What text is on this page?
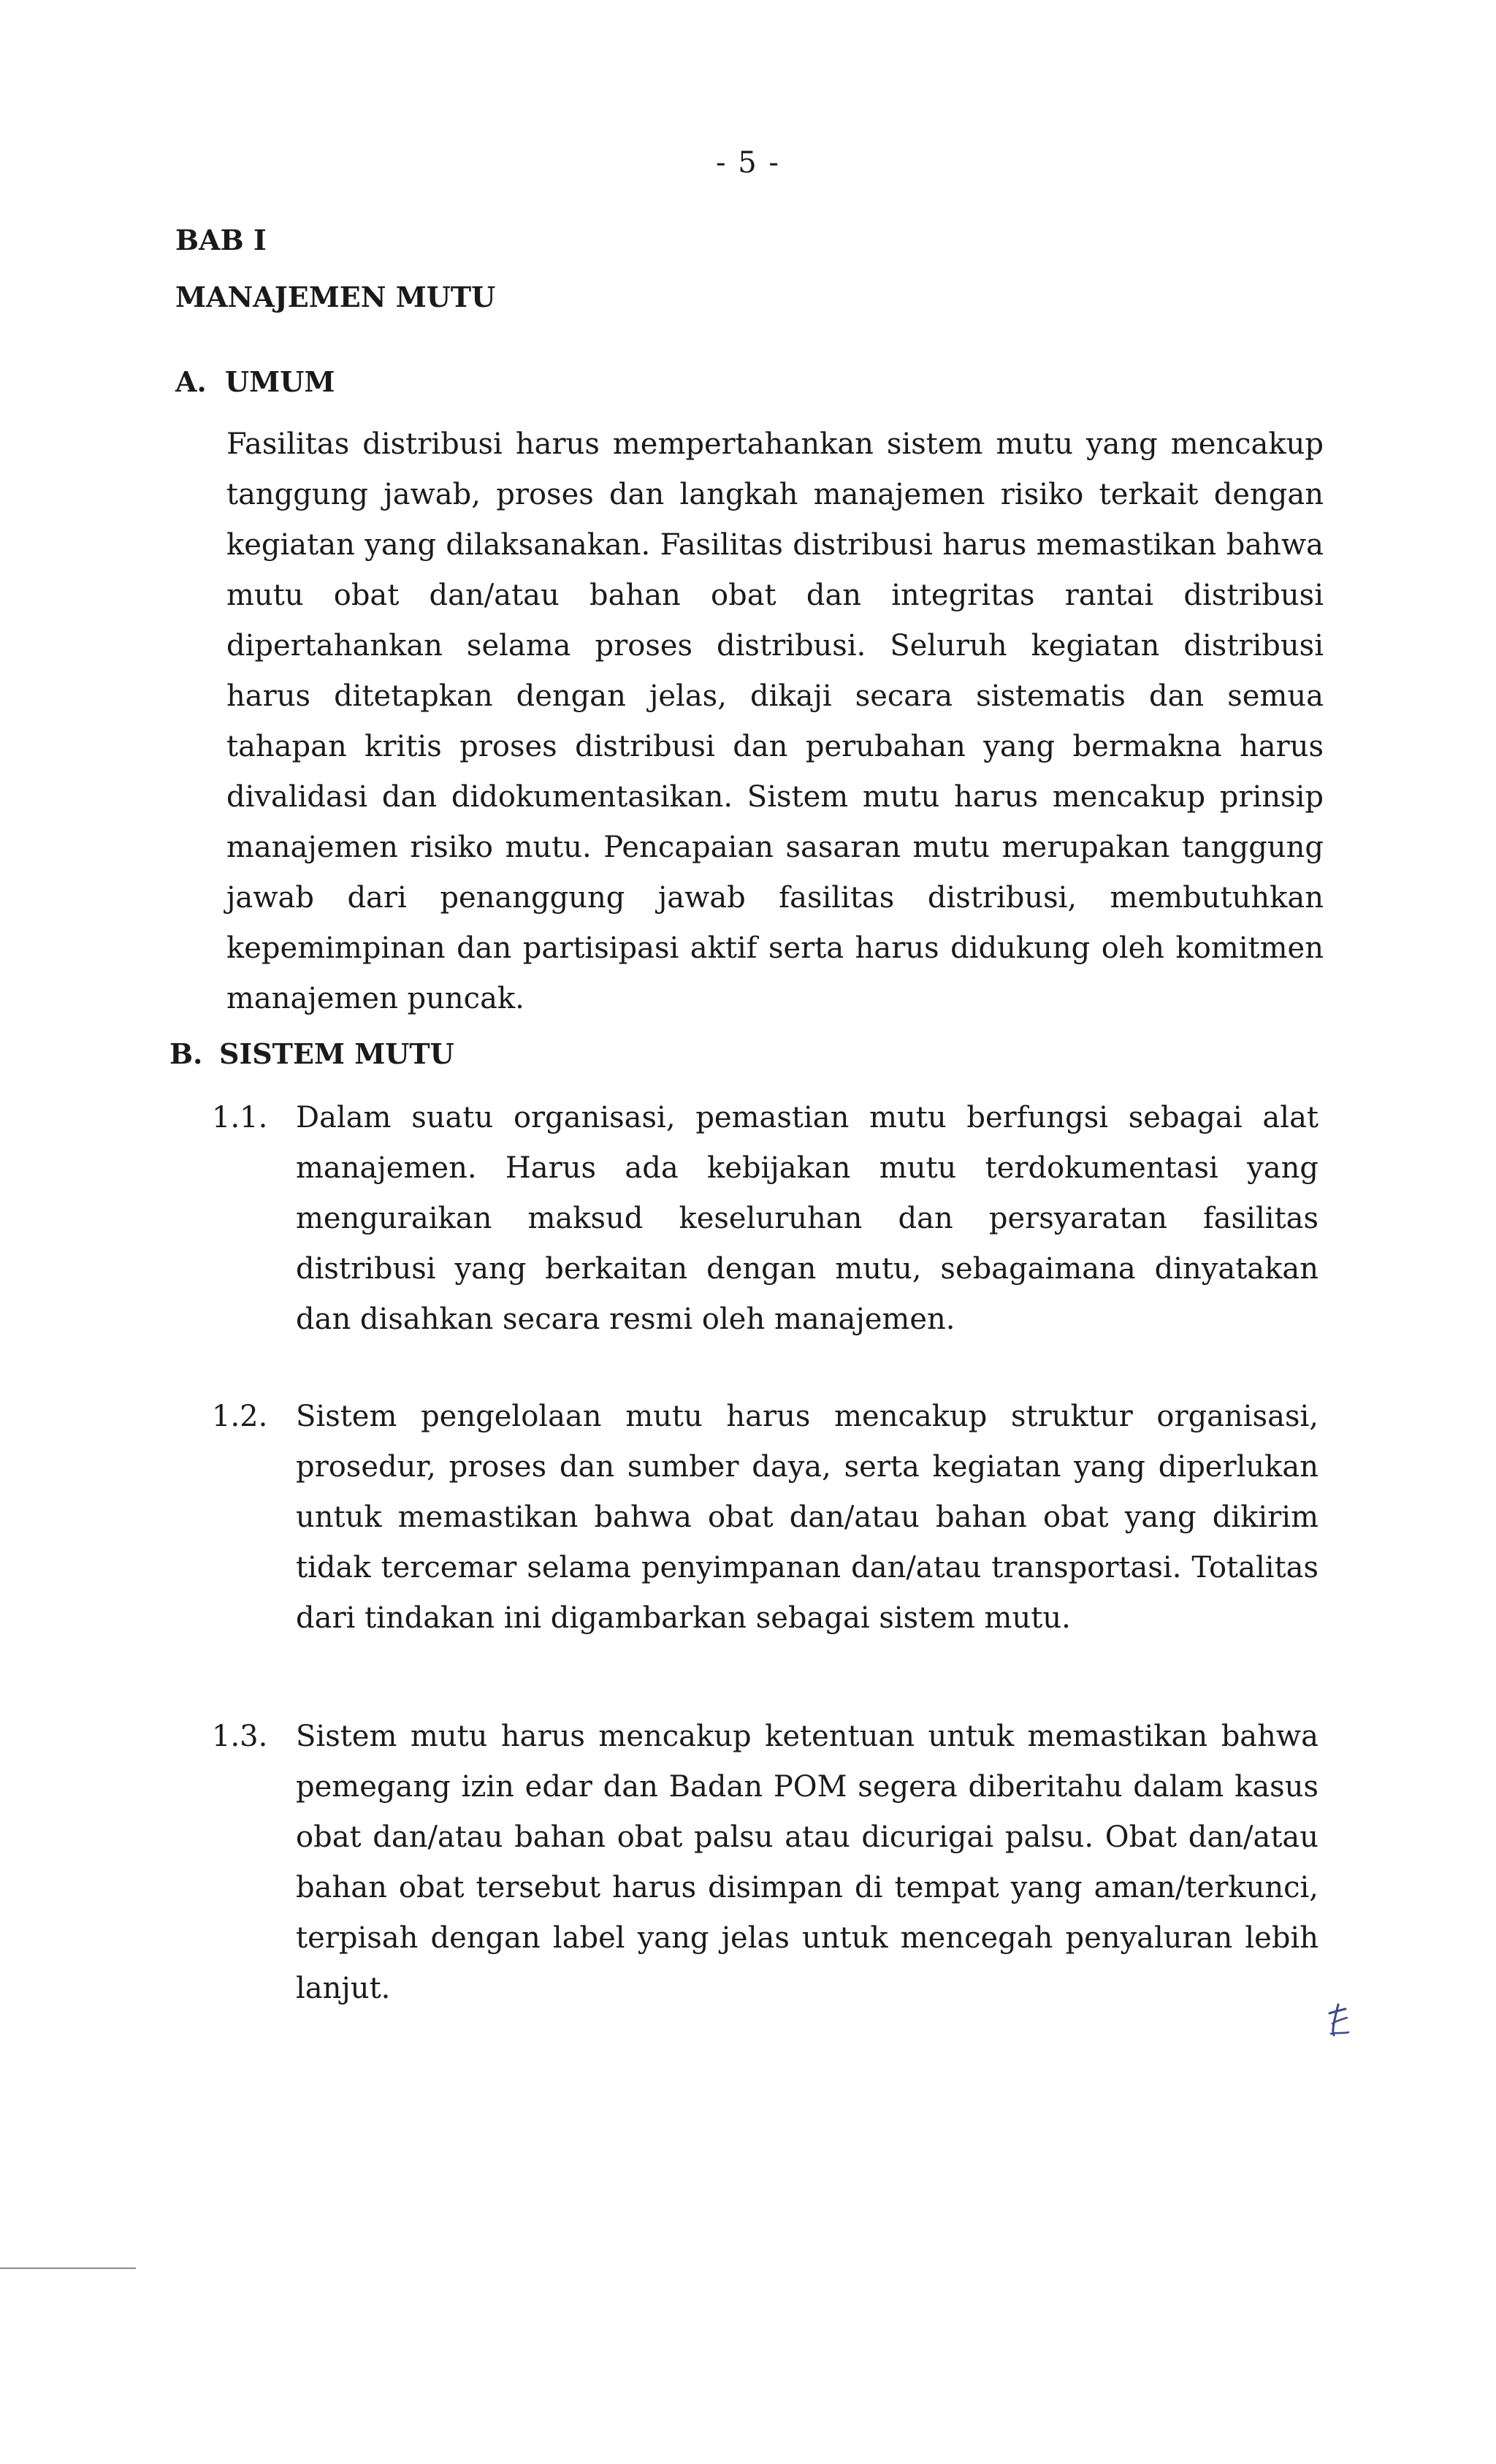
- 5 -
BAB I
MANAJEMEN MUTU
A. UMUM

Fasilitas distribusi harus mempertahankan sistem mutu yang mencakup tanggung jawab, proses dan langkah manajemen risiko terkait dengan kegiatan yang dilaksanakan. Fasilitas distribusi harus memastikan bahwa mutu obat dan/atau bahan obat dan integritas rantai distribusi dipertahankan selama proses distribusi. Seluruh kegiatan distribusi harus ditetapkan dengan jelas, dikaji secara sistematis dan semua tahapan kritis proses distribusi dan perubahan yang bermakna harus divalidasi dan didokumentasikan. Sistem mutu harus mencakup prinsip manajemen risiko mutu. Pencapaian sasaran mutu merupakan tanggung jawab dari penanggung jawab fasilitas distribusi, membutuhkan kepemimpinan dan partisipasi aktif serta harus didukung oleh komitmen manajemen puncak.

B. SISTEM MUTU
1.1. Dalam suatu organisasi, pemastian mutu berfungsi sebagai alat manajemen. Harus ada kebijakan mutu terdokumentasi yang menguraikan maksud keseluruhan dan persyaratan fasilitas distribusi yang berkaitan dengan mutu, sebagaimana dinyatakan dan disahkan secara resmi oleh manajemen.

1.2. Sistem pengelolaan mutu harus mencakup struktur organisasi, prosedur, proses dan sumber daya, serta kegiatan yang diperlukan untuk memastikan bahwa obat dan/atau bahan obat yang dikirim tidak tercemar selama penyimpanan dan/atau transportasi. Totalitas dari tindakan ini digambarkan sebagai sistem mutu.

1.3. Sistem mutu harus mencakup ketentuan untuk memastikan bahwa pemegang izin edar dan Badan POM segera diberitahu dalam kasus obat dan/atau bahan obat palsu atau dicurigai palsu. Obat dan/atau bahan obat tersebut harus disimpan di tempat yang aman/terkunci, terpisah dengan label yang jelas untuk mencegah penyaluran lebih lanjut.
